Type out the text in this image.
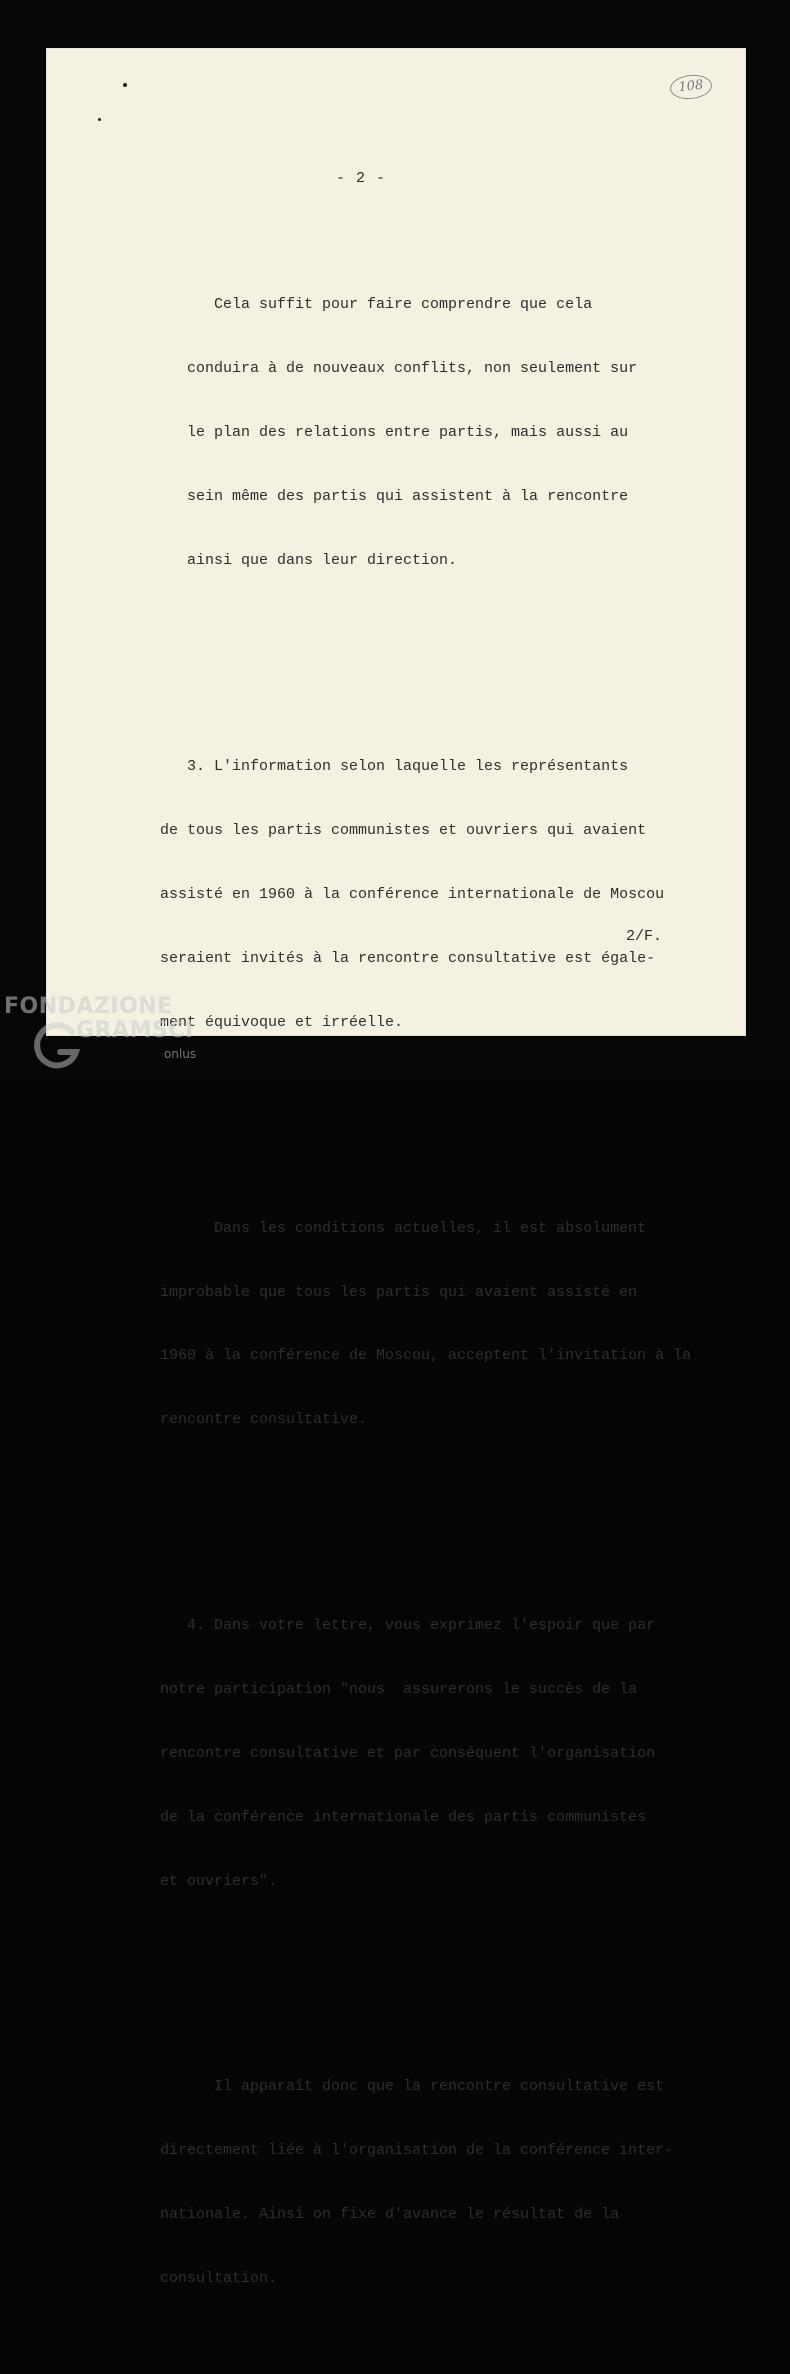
108
- 2 -

Cela suffit pour faire comprendre que cela

conduira à de nouveaux conflits, non seulement sur

le plan des relations entre partis, mais aussi au

sein même des partis qui assistent à la rencontre

ainsi que dans leur direction.

3. L'information selon laquelle les représentants

de tous les partis communistes et ouvriers qui avaient

assisté en 1960 à la conférence internationale de Moscou

seraient invités à la rencontre consultative est égale-

ment équivoque et irréelle.

Dans les conditions actuelles, il est absolument

improbable que tous les partis qui avaient assisté en

1960 à la conférence de Moscou, acceptent l'invitation à la

rencontre consultative.

4. Dans votre lettre, vous exprimez l'espoir que par

notre participation "nous  assurerons le succès de la

rencontre consultative et par conséquent l'organisation

de la conférence internationale des partis communistes

et ouvriers".

Il apparaît donc que la rencontre consultative est

directement liée à l'organisation de la conférence inter-

nationale. Ainsi on fixe d'avance le résultat de la

consultation.

2/F.
FONDAZIONE
GRAMSCI
onlus
